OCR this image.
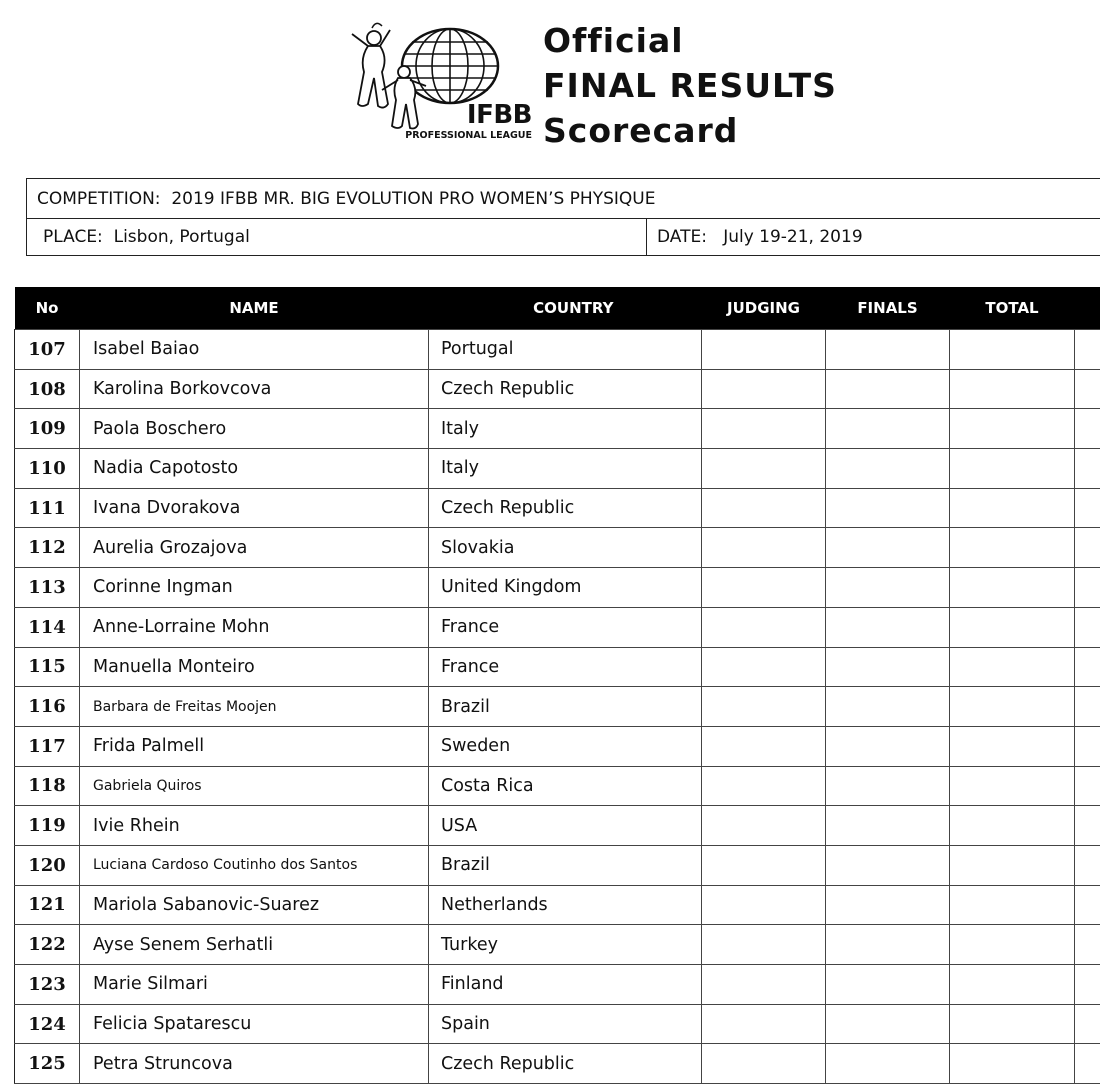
IFBB
PROFESSIONAL LEAGUE
Official
FINAL RESULTS
Scorecard
COMPETITION: 2019 IFBB MR. BIG EVOLUTION PRO WOMEN’S PHYSIQUE
PLACE: Lisbon, Portugal	DATE: July 19-21, 2019
No	NAME	COUNTRY	JUDGING	FINALS	TOTAL	
107	Isabel Baiao	Portugal				
108	Karolina Borkovcova	Czech Republic				
109	Paola Boschero	Italy				
110	Nadia Capotosto	Italy				
111	Ivana Dvorakova	Czech Republic				
112	Aurelia Grozajova	Slovakia				
113	Corinne Ingman	United Kingdom				
114	Anne-Lorraine Mohn	France				
115	Manuella Monteiro	France				
116	Barbara de Freitas Moojen	Brazil				
117	Frida Palmell	Sweden				
118	Gabriela Quiros	Costa Rica				
119	Ivie Rhein	USA				
120	Luciana Cardoso Coutinho dos Santos	Brazil				
121	Mariola Sabanovic-Suarez	Netherlands				
122	Ayse Senem Serhatli	Turkey				
123	Marie Silmari	Finland				
124	Felicia Spatarescu	Spain				
125	Petra Struncova	Czech Republic				
